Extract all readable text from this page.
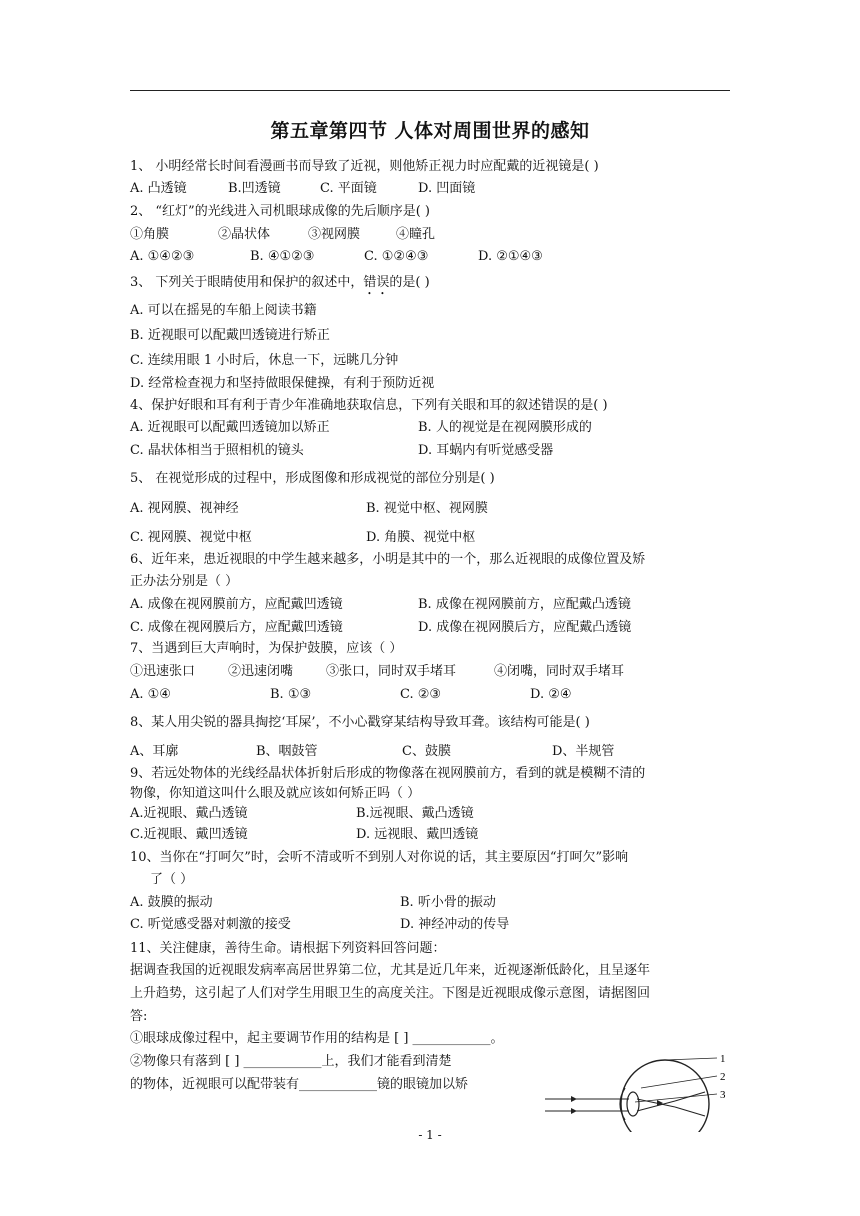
第五章第四节 人体对周围世界的感知
1、 小明经常长时间看漫画书而导致了近视，则他矫正视力时应配戴的近视镜是( )
A. 凸透镜	B.凹透镜	C. 平面镜	D. 凹面镜
2、 “红灯”的光线进入司机眼球成像的先后顺序是( )
①角膜	②晶状体	③视网膜	④瞳孔
A. ①④②③	B. ④①②③	C. ①②④③	D. ②①④③
3、 下列关于眼睛使用和保护的叙述中，错误的是( )
A. 可以在摇晃的车船上阅读书籍
B. 近视眼可以配戴凹透镜进行矫正
C. 连续用眼 1 小时后，休息一下，远眺几分钟
D. 经常检查视力和坚持做眼保健操，有利于预防近视
4、保护好眼和耳有利于青少年准确地获取信息，下列有关眼和耳的叙述错误的是( )
A. 近视眼可以配戴凹透镜加以矫正	B. 人的视觉是在视网膜形成的
C. 晶状体相当于照相机的镜头	D. 耳蜗内有听觉感受器
5、 在视觉形成的过程中，形成图像和形成视觉的部位分别是( )
A. 视网膜、视神经	B. 视觉中枢、视网膜
C. 视网膜、视觉中枢	D. 角膜、视觉中枢
6、近年来，患近视眼的中学生越来越多，小明是其中的一个，那么近视眼的成像位置及矫
正办法分别是（ ）
A. 成像在视网膜前方，应配戴凹透镜	B. 成像在视网膜前方，应配戴凸透镜
C. 成像在视网膜后方，应配戴凹透镜	D. 成像在视网膜后方，应配戴凸透镜
7、当遇到巨大声响时，为保护鼓膜，应该（ ）
①迅速张口	②迅速闭嘴	③张口，同时双手堵耳	④闭嘴，同时双手堵耳
A. ①④	B. ①③	C. ②③	D. ②④
8、某人用尖锐的器具掏挖‘耳屎’，不小心戳穿某结构导致耳聋。该结构可能是( )
A、耳廓	B、咽鼓管	C、鼓膜	D、半规管
9、若远处物体的光线经晶状体折射后形成的物像落在视网膜前方，看到的就是模糊不清的
物像，你知道这叫什么眼及就应该如何矫正吗（ ）
A.近视眼、戴凸透镜	B.远视眼、戴凸透镜
C.近视眼、戴凹透镜	D. 远视眼、戴凹透镜
10、当你在“打呵欠”时，会听不清或听不到别人对你说的话，其主要原因“打呵欠”影响
了（ ）
A. 鼓膜的振动	B. 听小骨的振动
C. 听觉感受器对刺激的接受	D. 神经冲动的传导
11、关注健康，善待生命。请根据下列资料回答问题：
据调查我国的近视眼发病率高居世界第二位，尤其是近几年来，近视逐渐低龄化，且呈逐年
上升趋势，这引起了人们对学生用眼卫生的高度关注。下图是近视眼成像示意图，请据图回
答:
①眼球成像过程中，起主要调节作用的结构是 [ ] ____________。
②物像只有落到 [ ] ____________上，我们才能看到清楚
的物体，近视眼可以配带装有____________镜的眼镜加以矫
1
2
3
- 1 -
